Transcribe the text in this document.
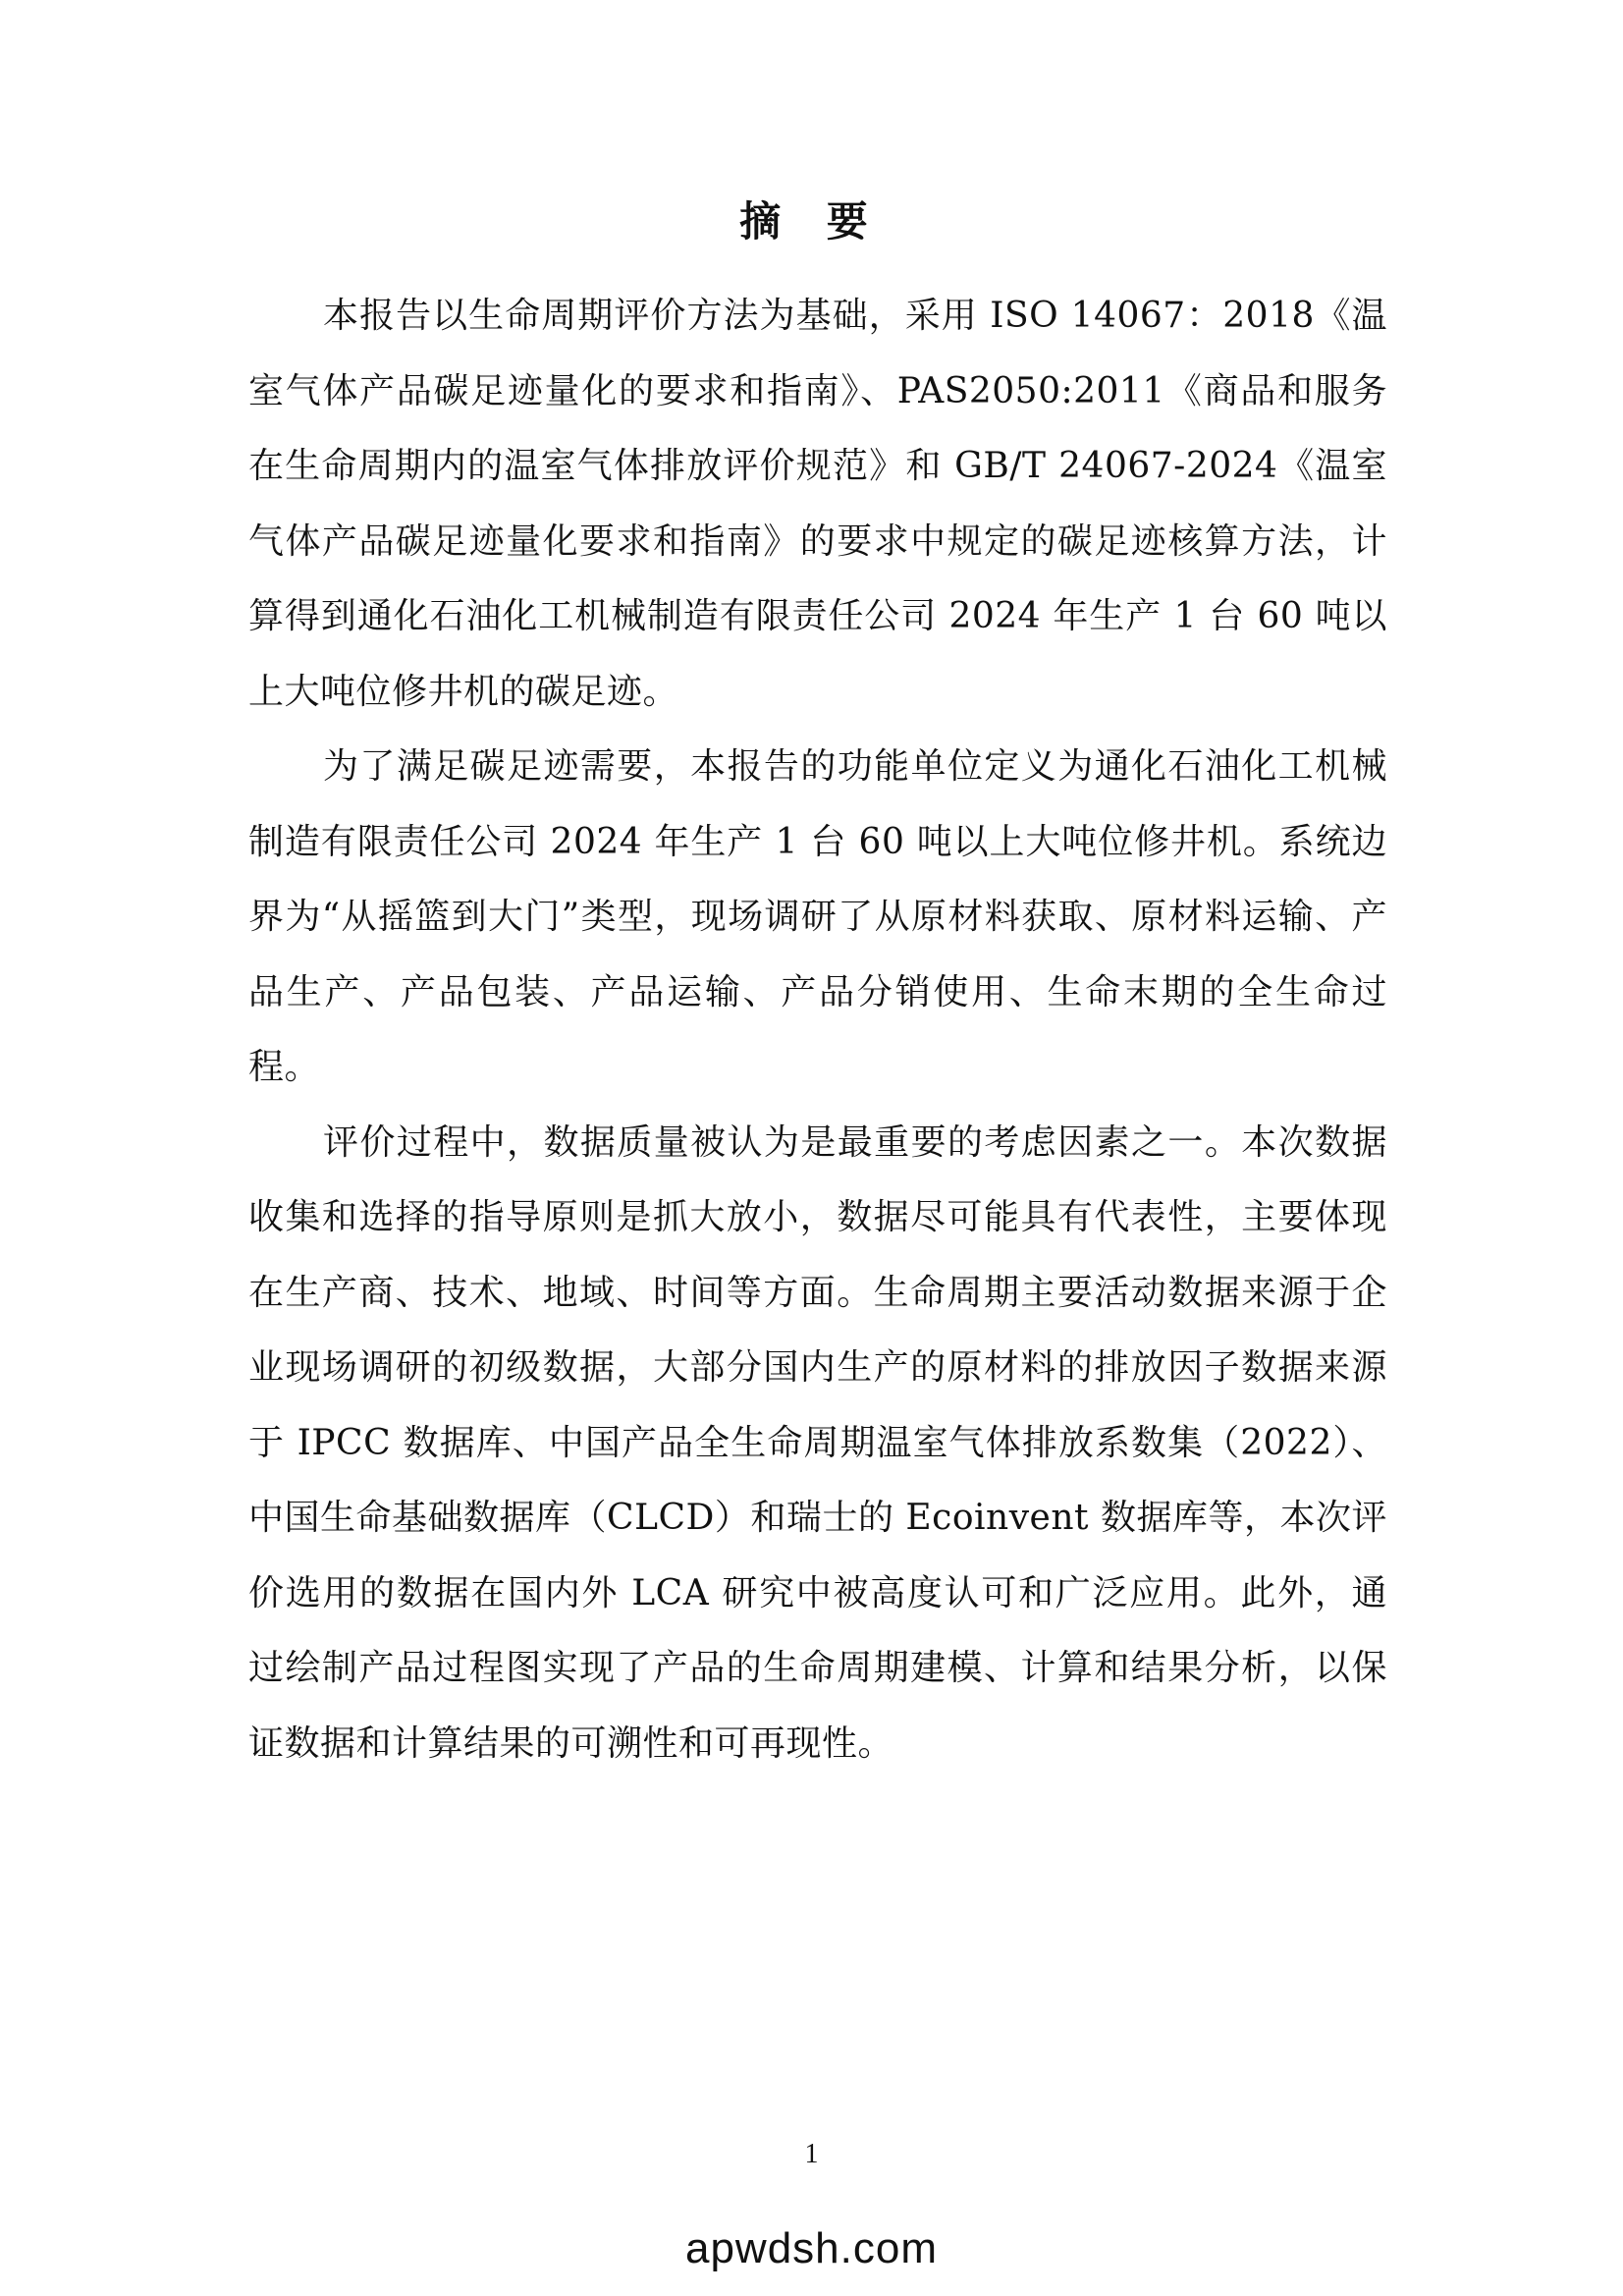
摘 要

本报告以生命周期评价方法为基础，采用 ISO 14067：2018《温室气体产品碳足迹量化的要求和指南》、PAS2050:2011《商品和服务在生命周期内的温室气体排放评价规范》和 GB/T 24067-2024《温室气体产品碳足迹量化要求和指南》的要求中规定的碳足迹核算方法，计算得到通化石油化工机械制造有限责任公司 2024 年生产 1 台 60 吨以上大吨位修井机的碳足迹。

为了满足碳足迹需要，本报告的功能单位定义为通化石油化工机械制造有限责任公司 2024 年生产 1 台 60 吨以上大吨位修井机。系统边界为“从摇篮到大门”类型，现场调研了从原材料获取、原材料运输、产品生产、产品包装、产品运输、产品分销使用、生命末期的全生命过程。

评价过程中，数据质量被认为是最重要的考虑因素之一。本次数据收集和选择的指导原则是抓大放小，数据尽可能具有代表性，主要体现在生产商、技术、地域、时间等方面。生命周期主要活动数据来源于企业现场调研的初级数据，大部分国内生产的原材料的排放因子数据来源于 IPCC 数据库、中国产品全生命周期温室气体排放系数集（2022）、中国生命基础数据库（CLCD）和瑞士的 Ecoinvent 数据库等，本次评价选用的数据在国内外 LCA 研究中被高度认可和广泛应用。此外，通过绘制产品过程图实现了产品的生命周期建模、计算和结果分析，以保证数据和计算结果的可溯性和可再现性。

1
apwdsh.com
